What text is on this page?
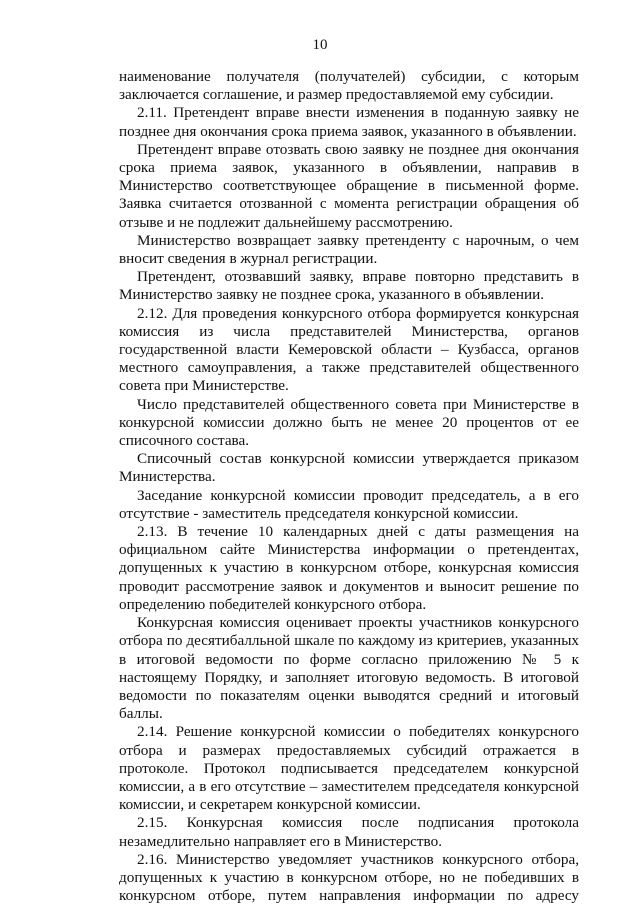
10

наименование получателя (получателей) субсидии, с которым заключается соглашение, и размер предоставляемой ему субсидии.

2.11. Претендент вправе внести изменения в поданную заявку не позднее дня окончания срока приема заявок, указанного в объявлении.

Претендент вправе отозвать свою заявку не позднее дня окончания срока приема заявок, указанного в объявлении, направив в Министерство соответствующее обращение в письменной форме. Заявка считается отозванной с момента регистрации обращения об отзыве и не подлежит дальнейшему рассмотрению.

Министерство возвращает заявку претенденту с нарочным, о чем вносит сведения в журнал регистрации.

Претендент, отозвавший заявку, вправе повторно представить в Министерство заявку не позднее срока, указанного в объявлении.

2.12. Для проведения конкурсного отбора формируется конкурсная комиссия из числа представителей Министерства, органов государственной власти Кемеровской области – Кузбасса, органов местного самоуправления, а также представителей общественного совета при Министерстве.

Число представителей общественного совета при Министерстве в конкурсной комиссии должно быть не менее 20 процентов от ее списочного состава.

Списочный состав конкурсной комиссии утверждается приказом Министерства.

Заседание конкурсной комиссии проводит председатель, а в его отсутствие - заместитель председателя конкурсной комиссии.

2.13. В течение 10 календарных дней с даты размещения на официальном сайте Министерства информации о претендентах, допущенных к участию в конкурсном отборе, конкурсная комиссия проводит рассмотрение заявок и документов и выносит решение по определению победителей конкурсного отбора.

Конкурсная комиссия оценивает проекты участников конкурсного отбора по десятибалльной шкале по каждому из критериев, указанных в итоговой ведомости по форме согласно приложению № 5 к настоящему Порядку, и заполняет итоговую ведомость. В итоговой ведомости по показателям оценки выводятся средний и итоговый баллы.

2.14. Решение конкурсной комиссии о победителях конкурсного отбора и размерах предоставляемых субсидий отражается в протоколе. Протокол подписывается председателем конкурсной комиссии, а в его отсутствие – заместителем председателя конкурсной комиссии, и секретарем конкурсной комиссии.

2.15. Конкурсная комиссия после подписания протокола незамедлительно направляет его в Министерство.

2.16. Министерство уведомляет участников конкурсного отбора, допущенных к участию в конкурсном отборе, но не победивших в конкурсном отборе, путем направления информации по адресу
